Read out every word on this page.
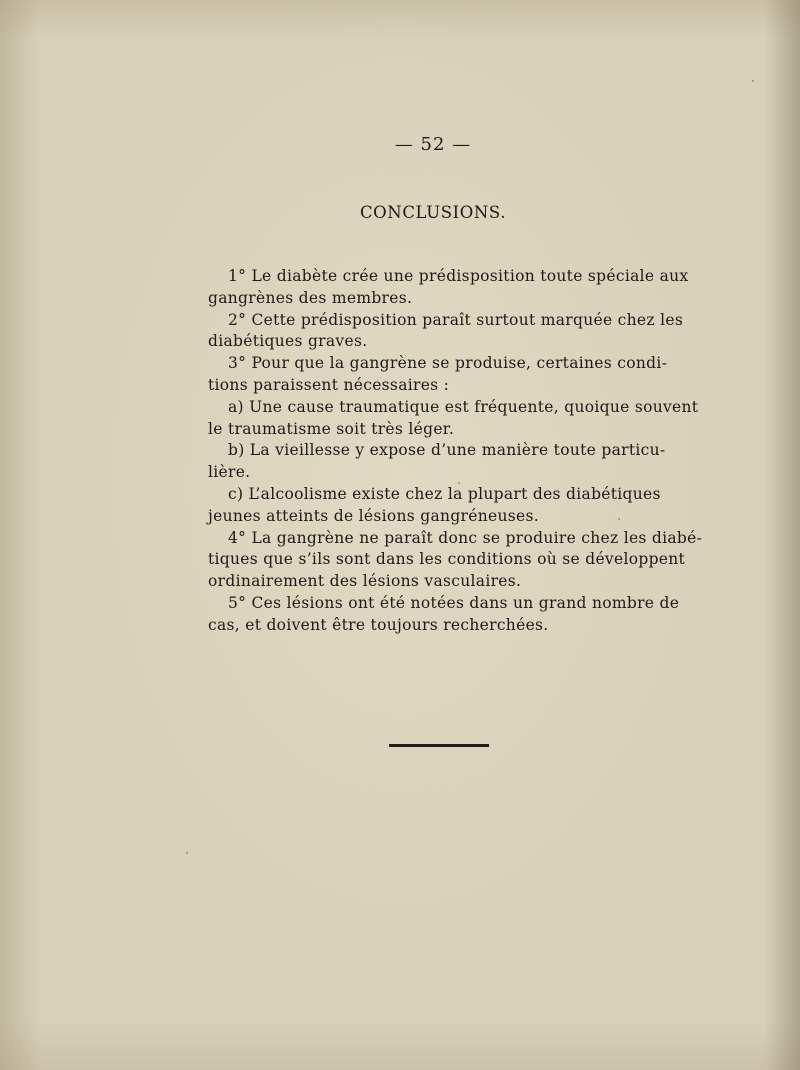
— 52 —
CONCLUSIONS.
1° Le diabète crée une prédisposition toute spéciale aux
gangrènes des membres.
2° Cette prédisposition paraît surtout marquée chez les
diabétiques graves.
3° Pour que la gangrène se produise, certaines condi-
tions paraissent nécessaires :
a) Une cause traumatique est fréquente, quoique souvent
le traumatisme soit très léger.
b) La vieillesse y expose d’une manière toute particu-
lière.
c) L’alcoolisme existe chez la plupart des diabétiques
jeunes atteints de lésions gangréneuses.
4° La gangrène ne paraît donc se produire chez les diabé-
tiques que s’ils sont dans les conditions où se développent
ordinairement des lésions vasculaires.
5° Ces lésions ont été notées dans un grand nombre de
cas, et doivent être toujours recherchées.
